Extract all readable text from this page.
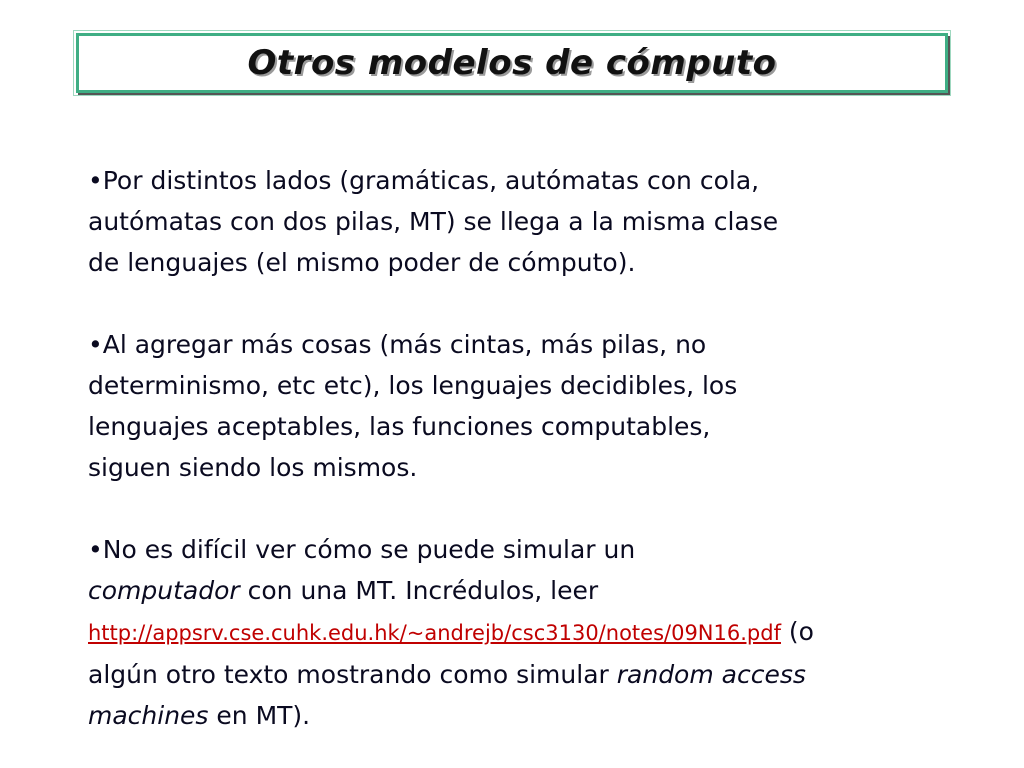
Otros modelos de cómputo

•Por distintos lados (gramáticas, autómatas con cola,
autómatas con dos pilas, MT) se llega a la misma clase
de lenguajes (el mismo poder de cómputo).

•Al agregar más cosas (más cintas, más pilas, no
determinismo, etc etc), los lenguajes decidibles, los
lenguajes aceptables, las funciones computables,
siguen siendo los mismos.

•No es difícil ver cómo se puede simular un
computador con una MT. Incrédulos, leer
http://appsrv.cse.cuhk.edu.hk/~andrejb/csc3130/notes/09N16.pdf (o
algún otro texto mostrando como simular random access
machines en MT).
